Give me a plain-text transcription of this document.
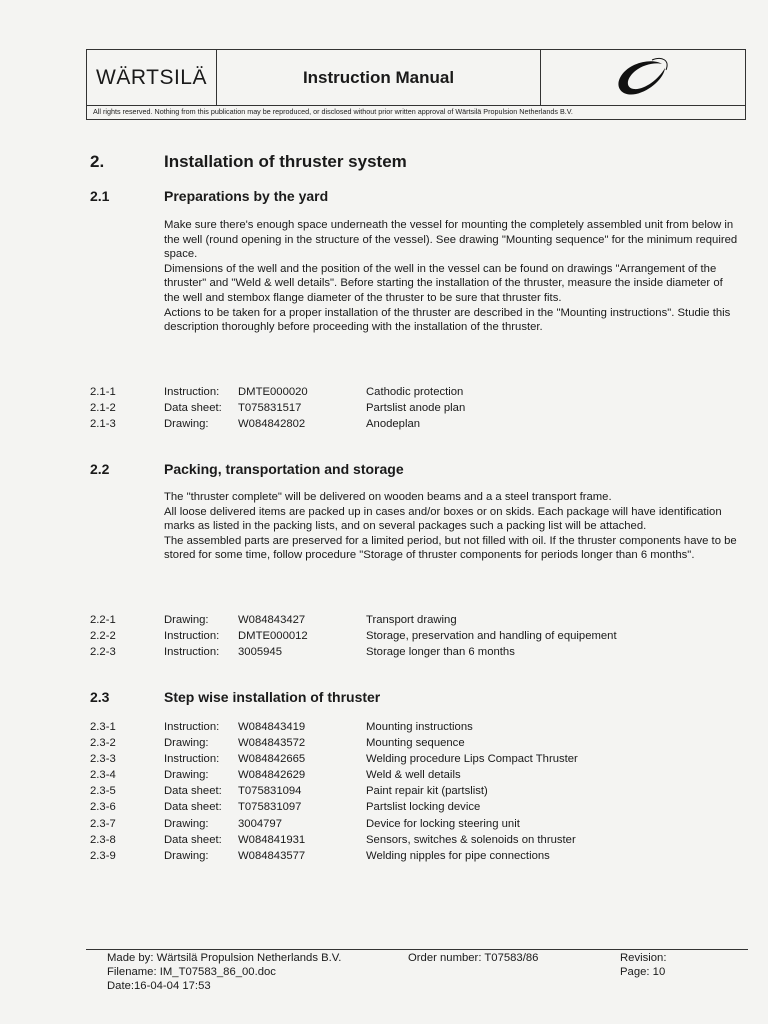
WÄRTSILÄ	Instruction Manual
All rights reserved. Nothing from this publication may be reproduced, or disclosed without prior written approval of Wärtsilä Propulsion Netherlands B.V.
2.	Installation of thruster system
2.1	Preparations by the yard

Make sure there's enough space underneath the vessel for mounting the completely assembled unit from below in the well (round opening in the structure of the vessel). See drawing "Mounting sequence" for the minimum required space.

Dimensions of the well and the position of the well in the vessel can be found on drawings "Arrangement of the thruster" and "Weld & well details". Before starting the installation of the thruster, measure the inside diameter of the well and stembox flange diameter of the thruster to be sure that thruster fits.

Actions to be taken for a proper installation of the thruster are described in the "Mounting instructions". Studie this description thoroughly before proceeding with the installation of the thruster.

2.1-1	Instruction: DMTE000020	Cathodic protection
2.1-2	Data sheet: T075831517	Partslist anode plan
2.1-3	Drawing:	W084842802	Anodeplan
2.2	Packing, transportation and storage

The "thruster complete" will be delivered on wooden beams and a a steel transport frame.

All loose delivered items are packed up in cases and/or boxes or on skids. Each package will have identification marks as listed in the packing lists, and on several packages such a packing list will be attached.

The assembled parts are preserved for a limited period, but not filled with oil. If the thruster components have to be stored for some time, follow procedure "Storage of thruster components for periods longer than 6 months".

2.2-1	Drawing:	W084843427	Transport drawing
2.2-2	Instruction: DMTE000012	Storage, preservation and handling of equipement
2.2-3	Instruction: 3005945	Storage longer than 6 months
2.3	Step wise installation of thruster
2.3-1	Instruction: W084843419	Mounting instructions
2.3-2	Drawing:	W084843572	Mounting sequence
2.3-3	Instruction: W084842665	Welding procedure Lips Compact Thruster
2.3-4	Drawing:	W084842629	Weld & well details
2.3-5	Data sheet: T075831094	Paint repair kit (partslist)
2.3-6	Data sheet: T075831097	Partslist locking device
2.3-7	Drawing:	3004797	Device for locking steering unit
2.3-8	Data sheet: W084841931	Sensors, switches & solenoids on thruster
2.3-9	Drawing:	W084843577	Welding nipples for pipe connections
Made by: Wärtsilä Propulsion Netherlands B.V.
Filename: IM_T07583_86_00.doc
Date:16-04-04 17:53
Order number: T07583/86	Revision:
Page: 10
